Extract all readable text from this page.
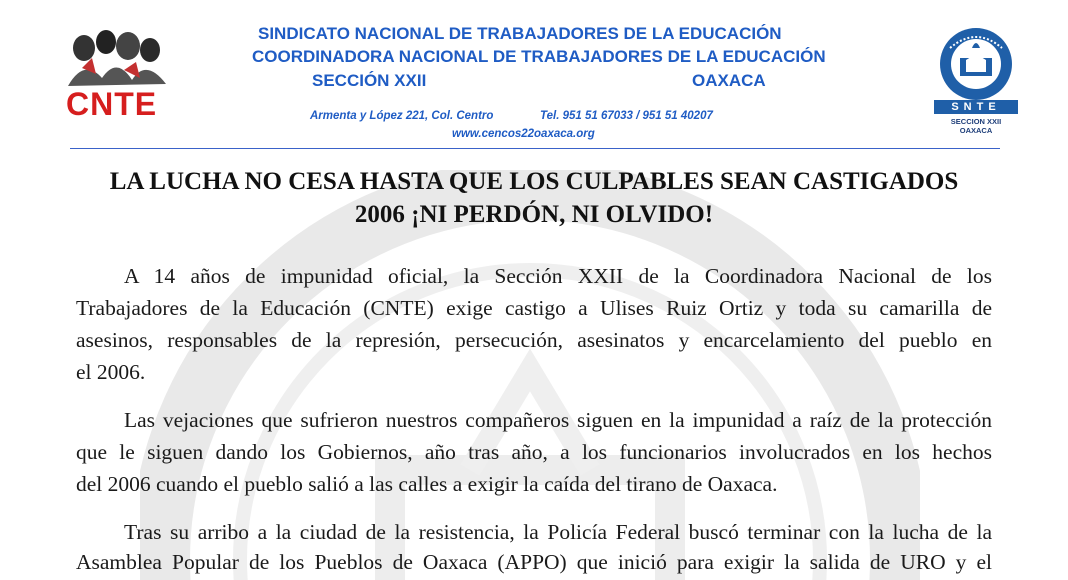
CNTE
SINDICATO NACIONAL DE TRABAJADORES DE LA EDUCACIÓN
COORDINADORA NACIONAL DE TRABAJADORES DE LA EDUCACIÓN
SECCIÓN XXII	OAXACA
Armenta y López 221, Col. Centro	Tel. 951 51 67033 / 951 51 40207
www.cencos22oaxaca.org
SNTE
SECCION XXII
OAXACA
LA LUCHA NO CESA HASTA QUE LOS CULPABLES SEAN CASTIGADOS
2006 ¡NI PERDÓN, NI OLVIDO!
A 14 años de impunidad oficial, la Sección XXII de la Coordinadora Nacional de los
Trabajadores de la Educación (CNTE) exige castigo a Ulises Ruiz Ortiz y toda su camarilla de
asesinos, responsables de la represión, persecución, asesinatos y encarcelamiento del pueblo en
el 2006.
Las vejaciones que sufrieron nuestros compañeros siguen en la impunidad a raíz de la protección
que le siguen dando los Gobiernos, año tras año, a los funcionarios involucrados en los hechos
del 2006 cuando el pueblo salió a las calles a exigir la caída del tirano de Oaxaca.
Tras su arribo a la ciudad de la resistencia, la Policía Federal buscó terminar con la lucha de la
Asamblea Popular de los Pueblos de Oaxaca (APPO) que inició para exigir la salida de URO y el
